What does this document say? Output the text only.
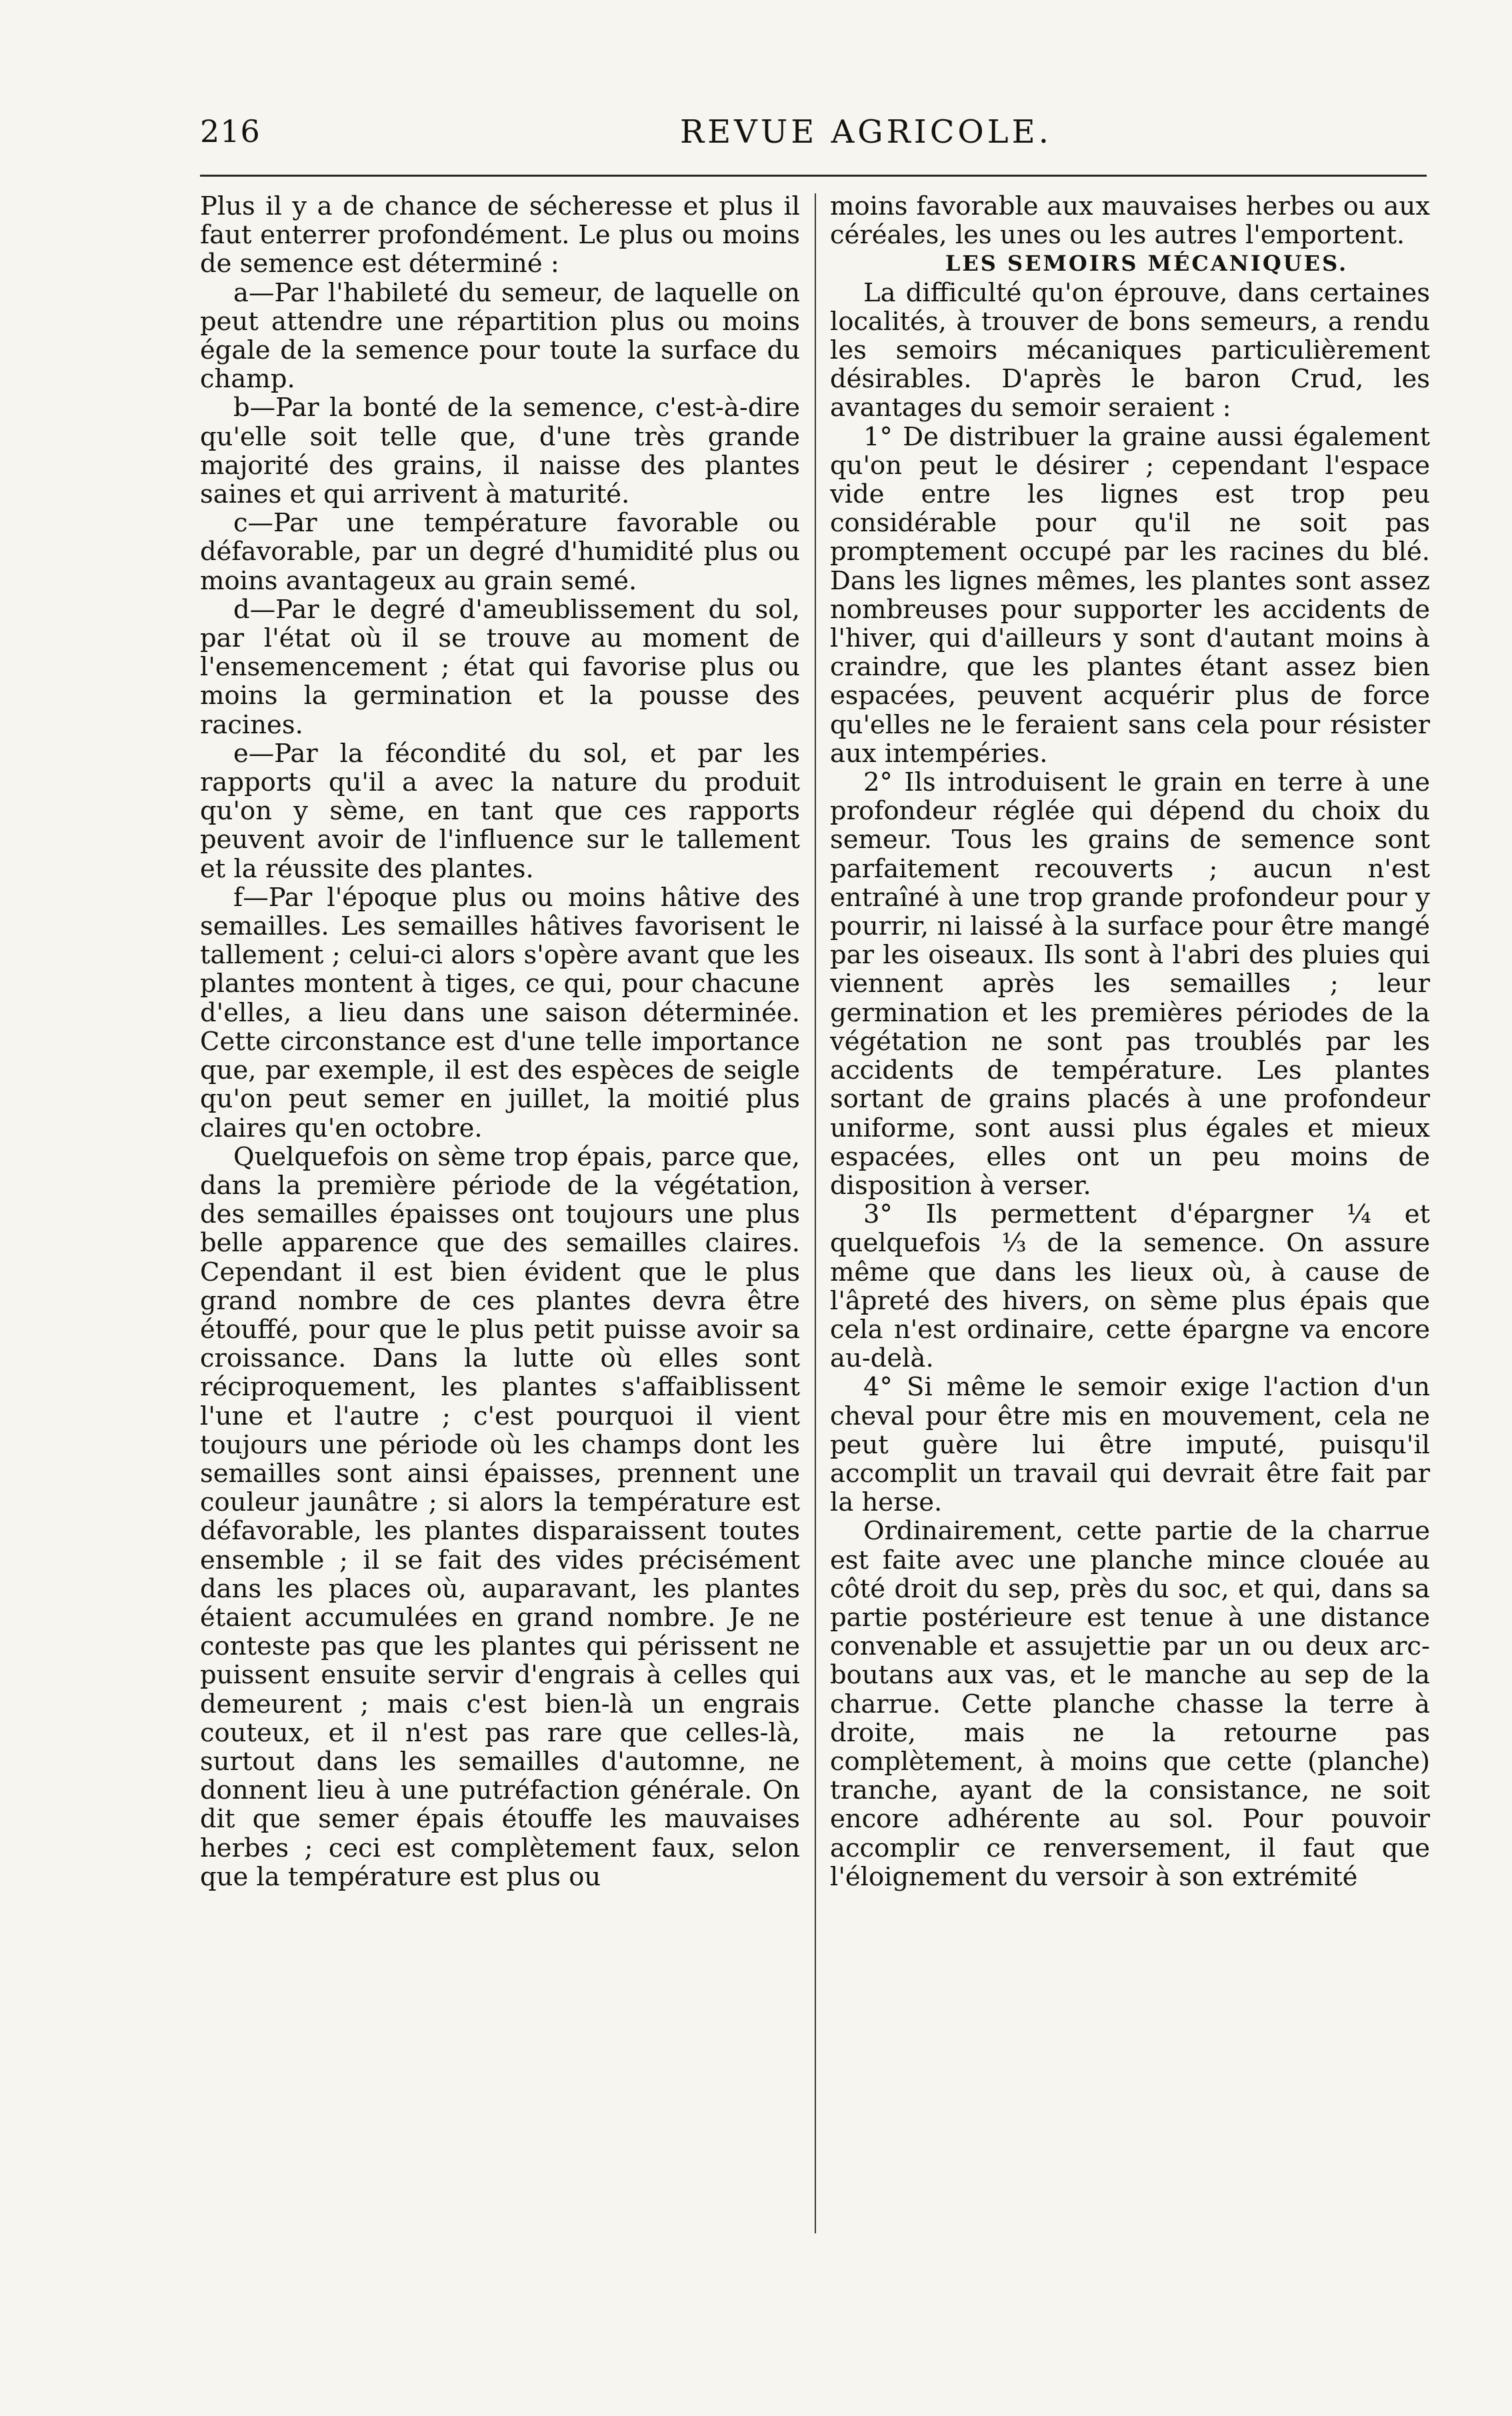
216	REVUE AGRICOLE.

Plus il y a de chance de sécheresse et plus il faut enterrer profondément. Le plus ou moins de semence est déterminé :

a—Par l'habileté du semeur, de laquelle on peut attendre une répartition plus ou moins égale de la semence pour toute la surface du champ.

b—Par la bonté de la semence, c'est-à-dire qu'elle soit telle que, d'une très grande majorité des grains, il naisse des plantes saines et qui arrivent à maturité.

c—Par une température favorable ou défavorable, par un degré d'humidité plus ou moins avantageux au grain semé.

d—Par le degré d'ameublissement du sol, par l'état où il se trouve au moment de l'ensemencement ; état qui favorise plus ou moins la germination et la pousse des racines.

e—Par la fécondité du sol, et par les rapports qu'il a avec la nature du produit qu'on y sème, en tant que ces rapports peuvent avoir de l'influence sur le tallement et la réussite des plantes.

f—Par l'époque plus ou moins hâtive des semailles. Les semailles hâtives favorisent le tallement ; celui-ci alors s'opère avant que les plantes montent à tiges, ce qui, pour chacune d'elles, a lieu dans une saison déterminée. Cette circonstance est d'une telle importance que, par exemple, il est des espèces de seigle qu'on peut semer en juillet, la moitié plus claires qu'en octobre.

Quelquefois on sème trop épais, parce que, dans la première période de la végétation, des semailles épaisses ont toujours une plus belle apparence que des semailles claires. Cependant il est bien évident que le plus grand nombre de ces plantes devra être étouffé, pour que le plus petit puisse avoir sa croissance. Dans la lutte où elles sont réciproquement, les plantes s'affaiblissent l'une et l'autre ; c'est pourquoi il vient toujours une période où les champs dont les semailles sont ainsi épaisses, prennent une couleur jaunâtre ; si alors la température est défavorable, les plantes disparaissent toutes ensemble ; il se fait des vides précisément dans les places où, auparavant, les plantes étaient accumulées en grand nombre. Je ne conteste pas que les plantes qui périssent ne puissent ensuite servir d'engrais à celles qui demeurent ; mais c'est bien-là un engrais couteux, et il n'est pas rare que celles-là, surtout dans les semailles d'automne, ne donnent lieu à une putréfaction générale. On dit que semer épais étouffe les mauvaises herbes ; ceci est complètement faux, selon que la température est plus ou

moins favorable aux mauvaises herbes ou aux céréales, les unes ou les autres l'emportent.

LES SEMOIRS MÉCANIQUES.

La difficulté qu'on éprouve, dans certaines localités, à trouver de bons semeurs, a rendu les semoirs mécaniques particulièrement désirables. D'après le baron Crud, les avantages du semoir seraient :

1° De distribuer la graine aussi également qu'on peut le désirer ; cependant l'espace vide entre les lignes est trop peu considérable pour qu'il ne soit pas promptement occupé par les racines du blé. Dans les lignes mêmes, les plantes sont assez nombreuses pour supporter les accidents de l'hiver, qui d'ailleurs y sont d'autant moins à craindre, que les plantes étant assez bien espacées, peuvent acquérir plus de force qu'elles ne le feraient sans cela pour résister aux intempéries.

2° Ils introduisent le grain en terre à une profondeur réglée qui dépend du choix du semeur. Tous les grains de semence sont parfaitement recouverts ; aucun n'est entraîné à une trop grande profondeur pour y pourrir, ni laissé à la surface pour être mangé par les oiseaux. Ils sont à l'abri des pluies qui viennent après les semailles ; leur germination et les premières périodes de la végétation ne sont pas troublés par les accidents de température. Les plantes sortant de grains placés à une profondeur uniforme, sont aussi plus égales et mieux espacées, elles ont un peu moins de disposition à verser.

3° Ils permettent d'épargner ¼ et quelquefois ⅓ de la semence. On assure même que dans les lieux où, à cause de l'âpreté des hivers, on sème plus épais que cela n'est ordinaire, cette épargne va encore au-delà.

4° Si même le semoir exige l'action d'un cheval pour être mis en mouvement, cela ne peut guère lui être imputé, puisqu'il accomplit un travail qui devrait être fait par la herse.

Ordinairement, cette partie de la charrue est faite avec une planche mince clouée au côté droit du sep, près du soc, et qui, dans sa partie postérieure est tenue à une distance convenable et assujettie par un ou deux arc-boutans aux vas, et le manche au sep de la charrue. Cette planche chasse la terre à droite, mais ne la retourne pas complètement, à moins que cette (planche) tranche, ayant de la consistance, ne soit encore adhérente au sol. Pour pouvoir accomplir ce renversement, il faut que l'éloignement du versoir à son extrémité
